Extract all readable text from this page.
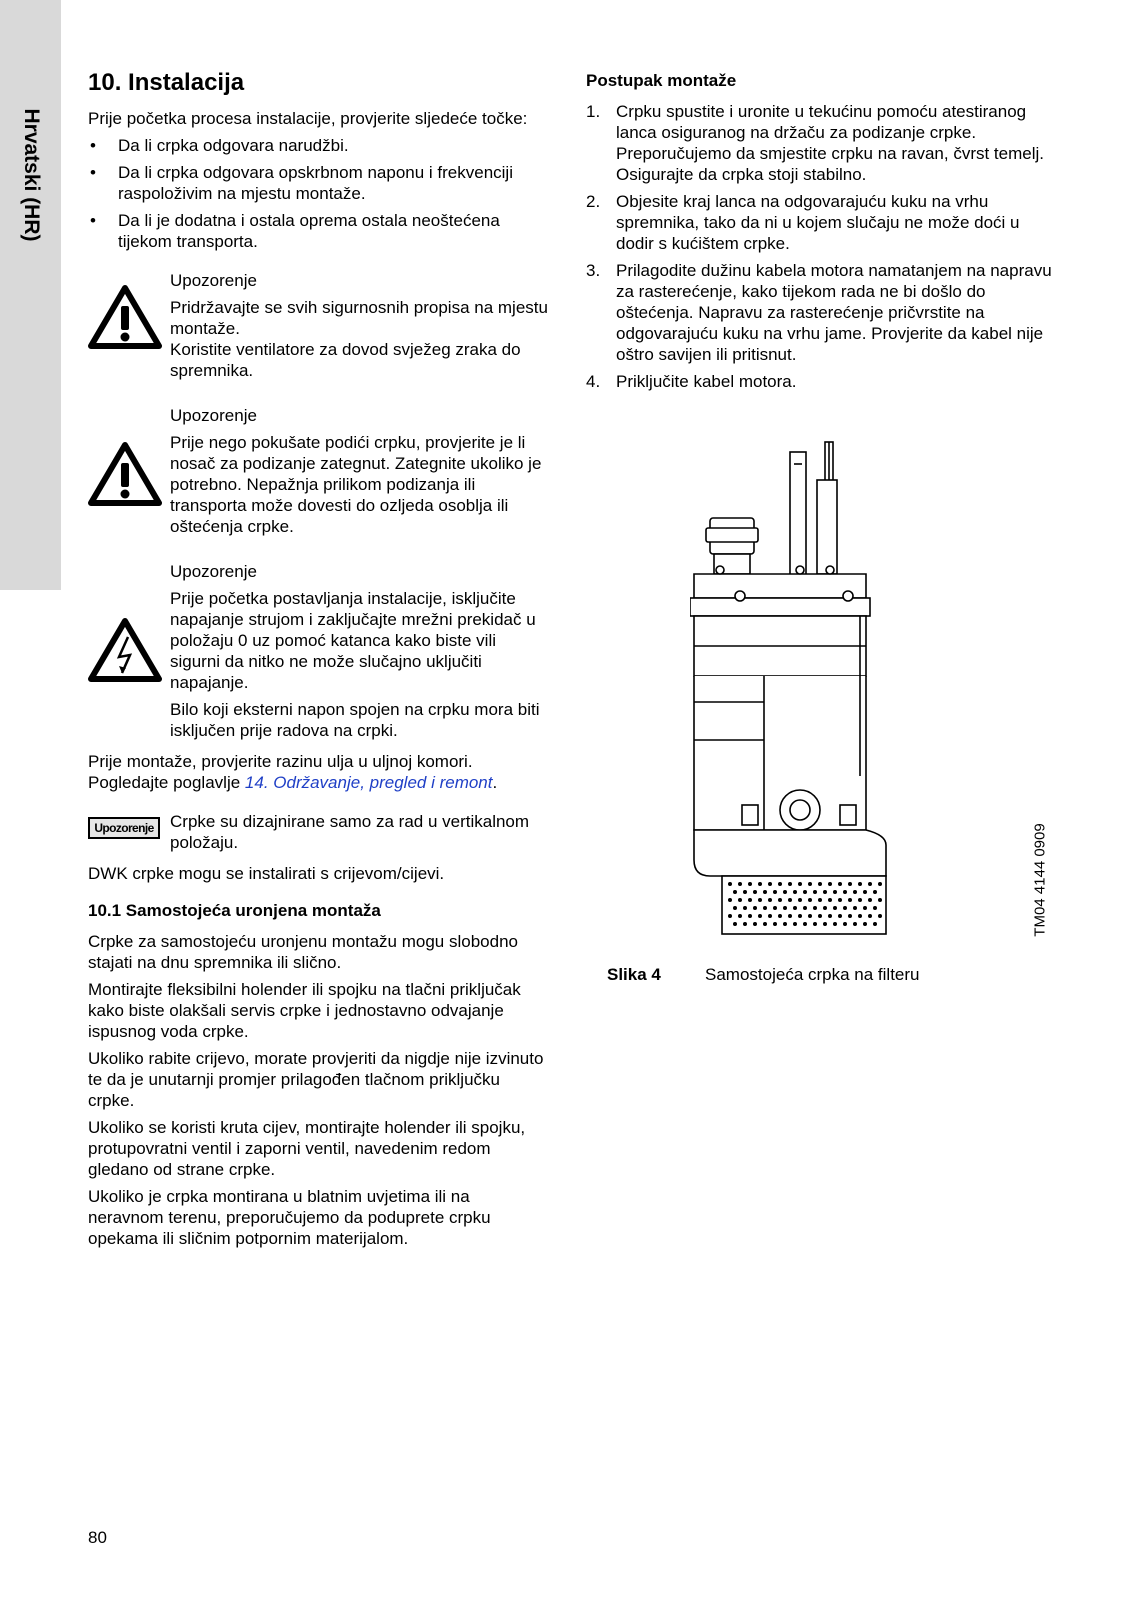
Hrvatski (HR)
10. Instalacija

Prije početka procesa instalacije, provjerite sljedeće točke:

• Da li crpka odgovara narudžbi.
• Da li crpka odgovara opskrbnom naponu i frekvenciji raspoloživim na mjestu montaže.
• Da li je dodatna i ostala oprema ostala neoštećena tijekom transporta.
Upozorenje
Pridržavajte se svih sigurnosnih propisa na mjestu montaže.
Koristite ventilatore za dovod svježeg zraka do spremnika.
Upozorenje
Prije nego pokušate podići crpku, provjerite je li nosač za podizanje zategnut. Zategnite ukoliko je potrebno. Nepažnja prilikom podizanja ili transporta može dovesti do ozljeda osoblja ili oštećenja crpke.
Upozorenje
Prije početka postavljanja instalacije, isključite napajanje strujom i zaključajte mrežni prekidač u položaju 0 uz pomoć katanca kako biste vili sigurni da nitko ne može slučajno uključiti napajanje.
Bilo koji eksterni napon spojen na crpku mora biti isključen prije radova na crpki.

Prije montaže, provjerite razinu ulja u uljnoj komori. Pogledajte poglavlje 14. Održavanje, pregled i remont.

Upozorenje Crpke su dizajnirane samo za rad u vertikalnom položaju.

DWK crpke mogu se instalirati s crijevom/cijevi.

10.1 Samostojeća uronjena montaža

Crpke za samostojeću uronjenu montažu mogu slobodno stajati na dnu spremnika ili slično.

Montirajte fleksibilni holender ili spojku na tlačni priključak kako biste olakšali servis crpke i jednostavno odvajanje ispusnog voda crpke.

Ukoliko rabite crijevo, morate provjeriti da nigdje nije izvinuto te da je unutarnji promjer prilagođen tlačnom priključku crpke.

Ukoliko se koristi kruta cijev, montirajte holender ili spojku, protupovratni ventil i zaporni ventil, navedenim redom gledano od strane crpke.

Ukoliko je crpka montirana u blatnim uvjetima ili na neravnom terenu, preporučujemo da poduprete crpku opekama ili sličnim potpornim materijalom.

Postupak montaže
1. Crpku spustite i uronite u tekućinu pomoću atestiranog lanca osiguranog na držaču za podizanje crpke. Preporučujemo da smjestite crpku na ravan, čvrst temelj. Osigurajte da crpka stoji stabilno.
2. Objesite kraj lanca na odgovarajuću kuku na vrhu spremnika, tako da ni u kojem slučaju ne može doći u dodir s kućištem crpke.
3. Prilagodite dužinu kabela motora namatanjem na napravu za rasterećenje, kako tijekom rada ne bi došlo do oštećenja. Napravu za rasterećenje pričvrstite na odgovarajuću kuku na vrhu jame. Provjerite da kabel nije oštro savijen ili pritisnut.
4. Priključite kabel motora.
TM04 4144 0909
Slika 4	Samostojeća crpka na filteru
80
